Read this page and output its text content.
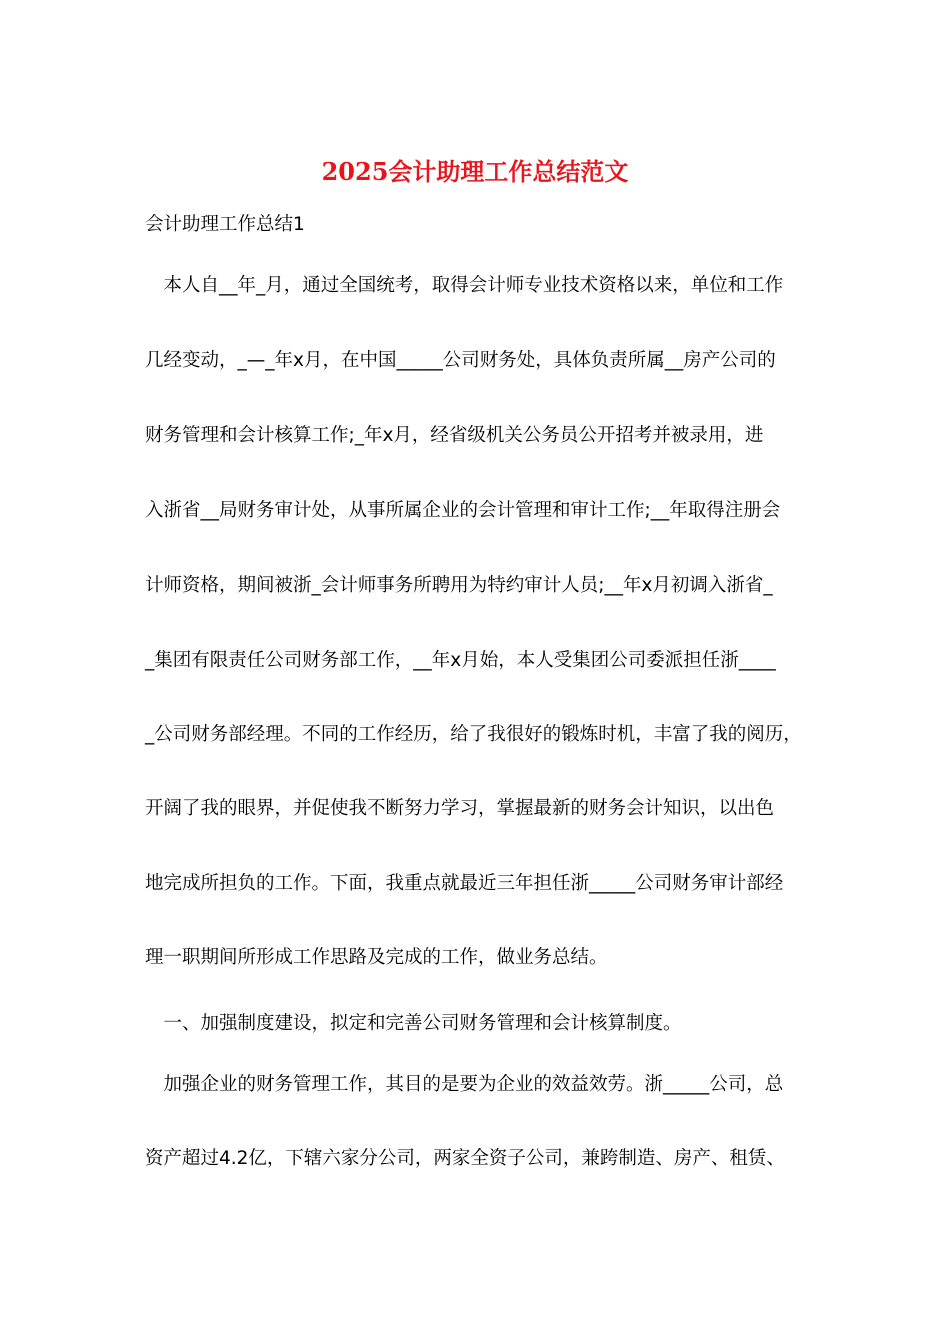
2025会计助理工作总结范文
会计助理工作总结1
　本人自__年_月，通过全国统考，取得会计师专业技术资格以来，单位和工作
几经变动，_—_年x月，在中国_____公司财务处，具体负责所属__房产公司的
财务管理和会计核算工作;_年x月，经省级机关公务员公开招考并被录用，进
入浙省__局财务审计处，从事所属企业的会计管理和审计工作;__年取得注册会
计师资格，期间被浙_会计师事务所聘用为特约审计人员;__年x月初调入浙省_
_集团有限责任公司财务部工作，__年x月始，本人受集团公司委派担任浙____
_公司财务部经理。不同的工作经历，给了我很好的锻炼时机，丰富了我的阅历，
开阔了我的眼界，并促使我不断努力学习，掌握最新的财务会计知识，以出色
地完成所担负的工作。下面，我重点就最近三年担任浙_____公司财务审计部经
理一职期间所形成工作思路及完成的工作，做业务总结。
　一、加强制度建设，拟定和完善公司财务管理和会计核算制度。
　加强企业的财务管理工作，其目的是要为企业的效益效劳。浙_____公司，总
资产超过4.2亿，下辖六家分公司，两家全资子公司，兼跨制造、房产、租赁、
